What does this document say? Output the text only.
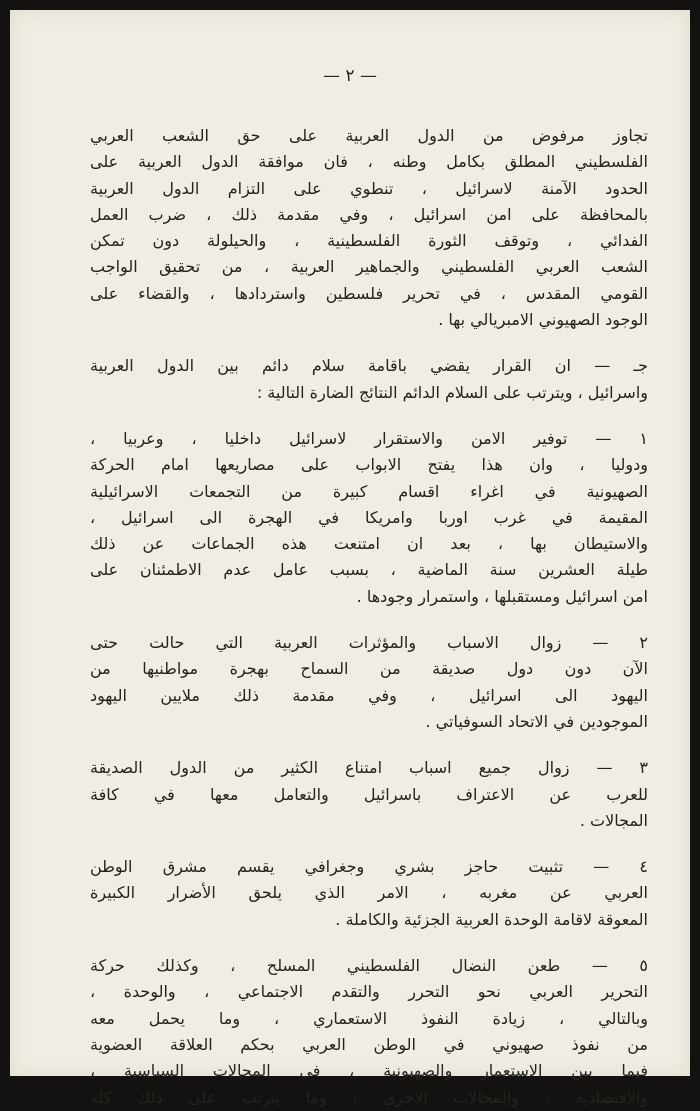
— ٢ —
تجاوز مرفوض من الدول العربية على حق الشعب العربي
الفلسطيني المطلق بكامل وطنه ، فان موافقة الدول العربية على
الحدود الآمنة لاسرائيل ، تنطوي على التزام الدول العربية
بالمحافظة على امن اسرائيل ، وفي مقدمة ذلك ، ضرب العمل
الفدائي ، وتوقف الثورة الفلسطينية ، والحيلولة دون تمكن
الشعب العربي الفلسطيني والجماهير العربية ، من تحقيق الواجب
القومي المقدس ، في تحرير فلسطين واستردادها ، والقضاء على
الوجود الصهيوني الامبريالي بها .
جـ — ان القرار يقضي باقامة سلام دائم بين الدول العربية
واسرائيل ، ويترتب على السلام الدائم النتائج الضارة التالية :
١ — توفير الامن والاستقرار لاسرائيل داخليا ، وعربيا ،
ودوليا ، وان هذا يفتح الابواب على مصاريعها امام الحركة
الصهيونية في اغراء اقسام كبيرة من التجمعات الاسرائيلية
المقيمة في غرب اوربا وامريكا في الهجرة الى اسرائيل ،
والاستيطان بها ، بعد ان امتنعت هذه الجماعات عن ذلك
طيلة العشرين سنة الماضية ، بسبب عامل عدم الاطمئنان على
امن اسرائيل ومستقبلها ، واستمرار وجودها .
٢ — زوال الاسباب والمؤثرات العربية التي حالت حتى
الآن دون دول صديقة من السماح بهجرة مواطنيها من
اليهود الى اسرائيل ، وفي مقدمة ذلك ملايين اليهود
الموجودين في الاتحاد السوفياتي .
٣ — زوال جميع اسباب امتناع الكثير من الدول الصديقة
للعرب عن الاعتراف باسرائيل والتعامل معها في كافة
المجالات .
٤ — تثبيت حاجز بشري وجغرافي يقسم مشرق الوطن
العربي عن مغربه ، الامر الذي يلحق الأضرار الكبيرة
المعوقة لاقامة الوحدة العربية الجزئية والكاملة .
٥ — طعن النضال الفلسطيني المسلح ، وكذلك حركة
التحرير العربي نحو التحرر والتقدم الاجتماعي ، والوحدة ،
وبالتالي ، زيادة النفوذ الاستعماري ، وما يحمل معه
من نفوذ صهيوني في الوطن العربي بحكم العلاقة العضوية
فيما بين الاستعمار والصهيونية ، في المجالات السياسية ،
والاقتصادية ، والمجالات الاخرى ، وما يترتب على ذلك كله
